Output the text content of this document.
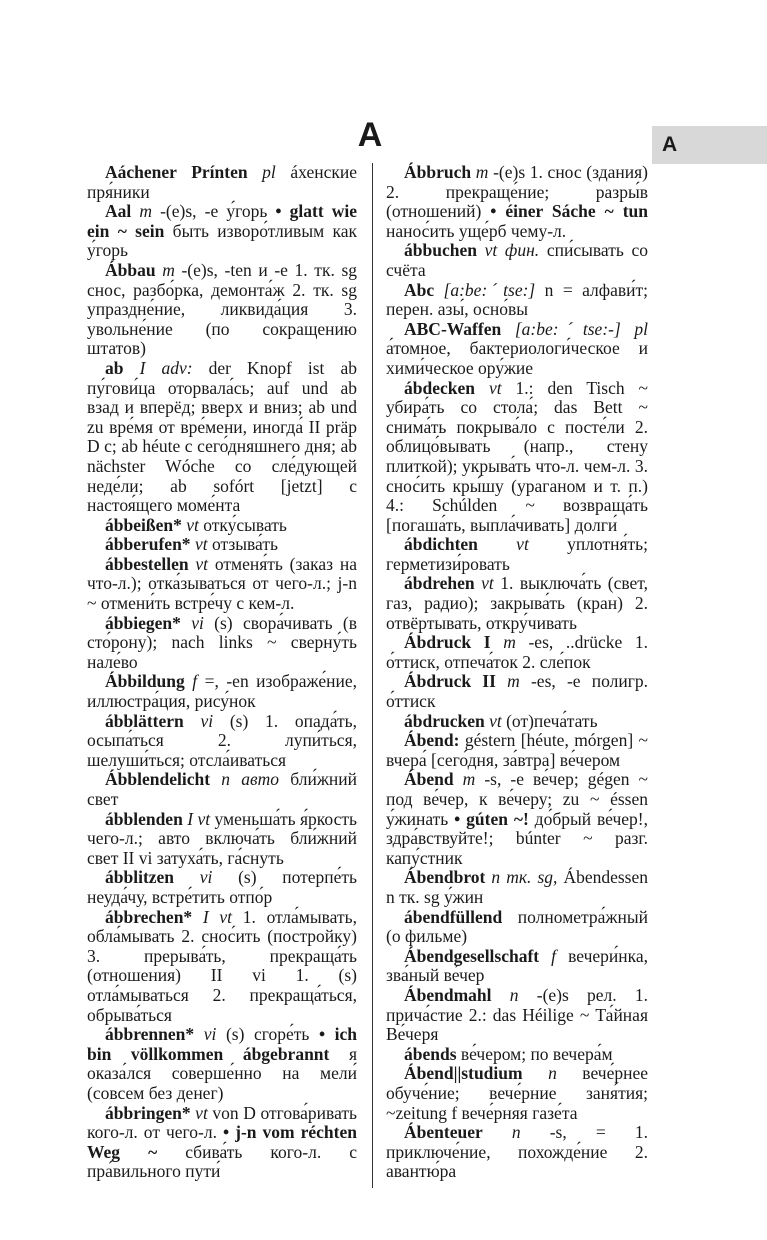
A	A

Aáchener Prínten pl áхенские пря́ники

Aal m -(e)s, -e у́горь • glatt wie ein ~ sein быть изворо́тливым как у́горь

Ábbau m -(e)s, -ten и -e 1. тк. sg снос, разбо́рка, демонта́ж 2. тк. sg упраздне́ние, ликвида́ция 3. увольне́ние (по сокращению штатов)

ab I adv: der Knopf ist ab пу́гови́ца оторвала́сь; auf und ab взад и вперёд; вверх и вниз; ab und zu вре́мя от вре́мени, иногда́ II präp D c; ab héute с сего́дняшнего дня; ab nächster Wóche со сле́дующей неде́ли; ab sofórt [jetzt] с настоя́щего моме́нта

ábbeißen* vt отку́сывать

ábberufen* vt отзыва́ть

ábbestellen vt отменя́ть (заказ на что-л.); отка́зываться от чего-л.; j-n ~ отмени́ть встре́чу с кем-л.

ábbiegen* vi (s) свора́чивать (в сто́рону); nach links ~ сверну́ть нале́во

Ábbildung f =, -en изображе́ние, иллюстра́ция, рису́нок

ábblättern vi (s) 1. опада́ть, осыпа́ться 2. лупи́ться, шелуши́ться; отсла́иваться

Ábblendelicht n авто бли́жний свет

ábblenden I vt уменьша́ть я́ркость чего-л.; авто включа́ть бли́жний свет II vi затуха́ть, га́снуть

ábblitzen vi (s) потерпе́ть неуда́чу, встре́тить отпо́р

ábbrechen* I vt 1. отла́мывать, обла́мывать 2. снос́ить (постройку) 3. прерыва́ть, прекраща́ть (отношения) II vi 1. (s) отла́мываться 2. прекраща́ться, обрыва́ться

ábbrennen* vi (s) сгоре́ть • ich bin völlkommen ábgebrannt я оказа́лся соверше́нно на мели́ (совсем без денег)

ábbringen* vt von D отгова́ривать кого-л. от чего-л. • j-n vom réchten Weg ~ сбива́ть кого-л. с пра́вильного пути́

Ábbruch m -(e)s 1. снос (здания) 2. прекраще́ние; разры́в (отношений) • éiner Sáche ~ tun нанос́ить уще́рб чему-л.

ábbuchen vt фин. спи́сывать со счёта

Abc [a:be:ˊtse:] n = алфави́т; перен. азы́, осно́вы

ABC-Waffen [a:be:ˊtse:-] pl а́томное, бактериологи́ческое и хими́ческое ору́жие

ábdecken vt 1.: den Tisch ~ убира́ть со стола́; das Bett ~ снима́ть покрыва́ло с посте́ли 2. облицо́вывать (напр., стену плиткой); укрыва́ть что-л. чем-л. 3. снос́ить кры́шу (ураганом и т. п.) 4.: Schúlden ~ возвраща́ть [погаша́ть, выпла́чивать] долги́

ábdichten vt уплотня́ть; герметизи́ровать

ábdrehen vt 1. выключа́ть (свет, газ, радио); закрыва́ть (кран) 2. отвёртывать, откру́чивать

Ábdruck I m -es, ..drücke 1. о́ттиск, отпеча́ток 2. сле́пок

Ábdruck II m -es, -e полигр. о́ттиск

ábdrucken vt (от)печа́тать

Ábend: géstern [héute, mórgen] ~ вчера́ [сего́дня, за́втра] ве́чером

Ábend m -s, -e ве́чер; gégen ~ под ве́чер, к ве́черу; zu ~ éssen у́жинать • gúten ~! до́брый ве́чер!, здра́вствуйте!; búnter ~ разг. капу́стник

Ábendbrot n тк. sg, Ábendessen n тк. sg у́жин

ábendfüllend полнометра́жный (о фильме)

Ábendgesellschaft f вечери́нка, зва́ный ве́чер

Ábendmahl n -(e)s рел. 1. прича́стие 2.: das Héilige ~ Та́йная Ве́черя

ábends ве́чером; по вечера́м

Ábend||studium n вече́рнее обуче́ние; вече́рние заня́тия; ~zeitung f вече́рняя газе́та

Ábenteuer n -s, = 1. приключе́ние, похожде́ние 2. авантю́ра
